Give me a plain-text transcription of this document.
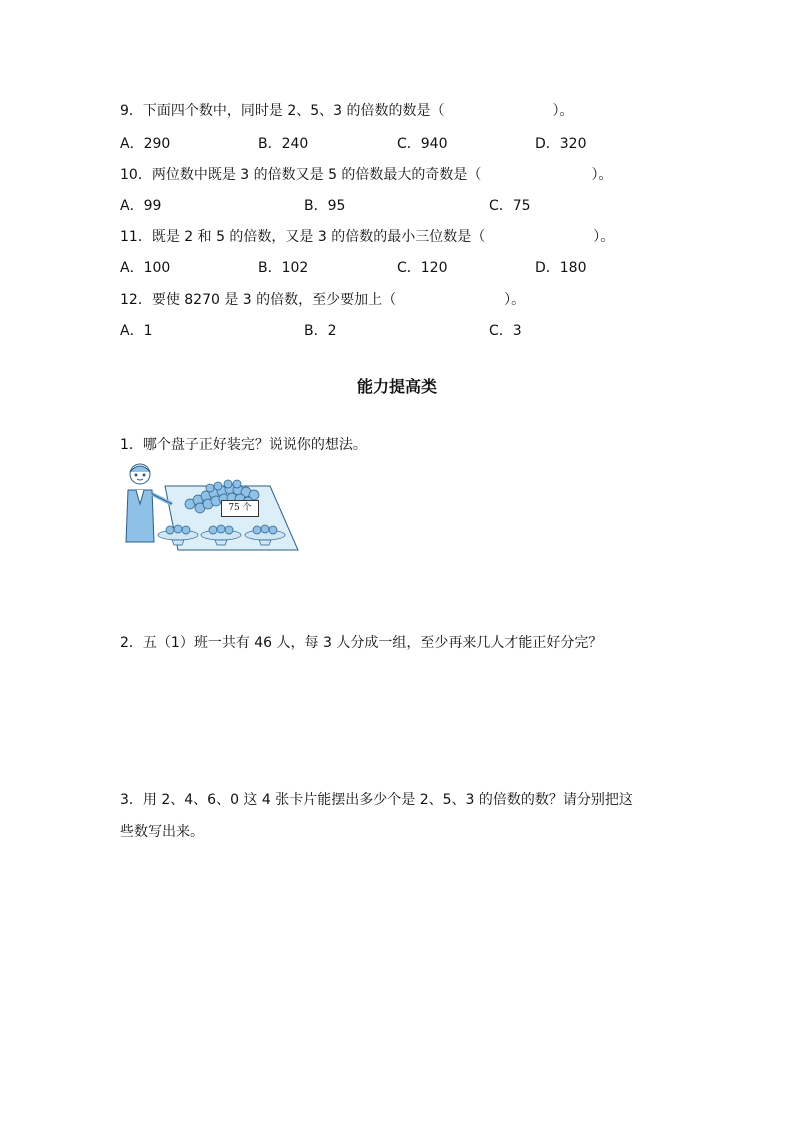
9．下面四个数中，同时是 2、5、3 的倍数的数是（	）。
A．290	B．240	C．940	D．320
10．两位数中既是 3 的倍数又是 5 的倍数最大的奇数是（	）。
A．99	B．95	C．75
11．既是 2 和 5 的倍数，又是 3 的倍数的最小三位数是（	）。
A．100	B．102	C．120	D．180
12．要使 8270 是 3 的倍数，至少要加上（	）。
A．1	B．2	C．3
能力提高类
1．哪个盘子正好装完？说说你的想法。
75 个
2．五（1）班一共有 46 人，每 3 人分成一组，至少再来几人才能正好分完？
3．用 2、4、6、0 这 4 张卡片能摆出多少个是 2、5、3 的倍数的数？请分别把这
些数写出来。
